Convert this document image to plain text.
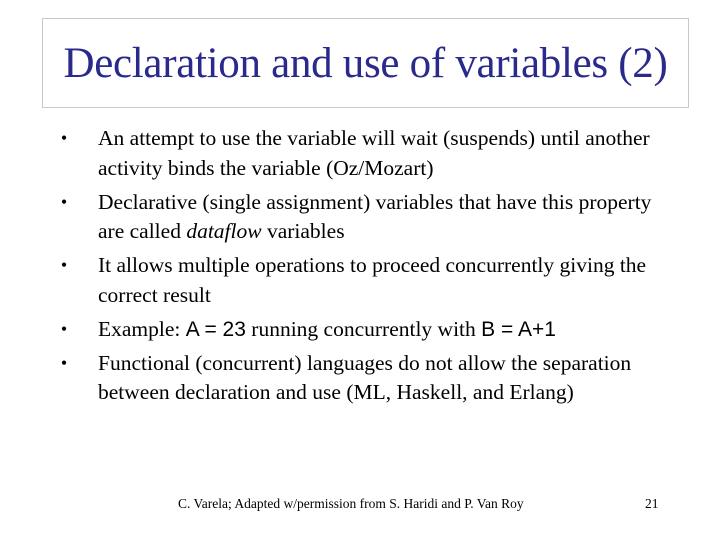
Declaration and use of variables (2)
• An attempt to use the variable will wait (suspends) until another activity binds the variable (Oz/Mozart)
• Declarative (single assignment) variables that have this property are called dataflow variables
• It allows multiple operations to proceed concurrently giving the correct result
• Example: A = 23 running concurrently with B = A+1
• Functional (concurrent) languages do not allow the separation between declaration and use (ML, Haskell, and Erlang)
C. Varela; Adapted w/permission from S. Haridi and P. Van Roy	21
